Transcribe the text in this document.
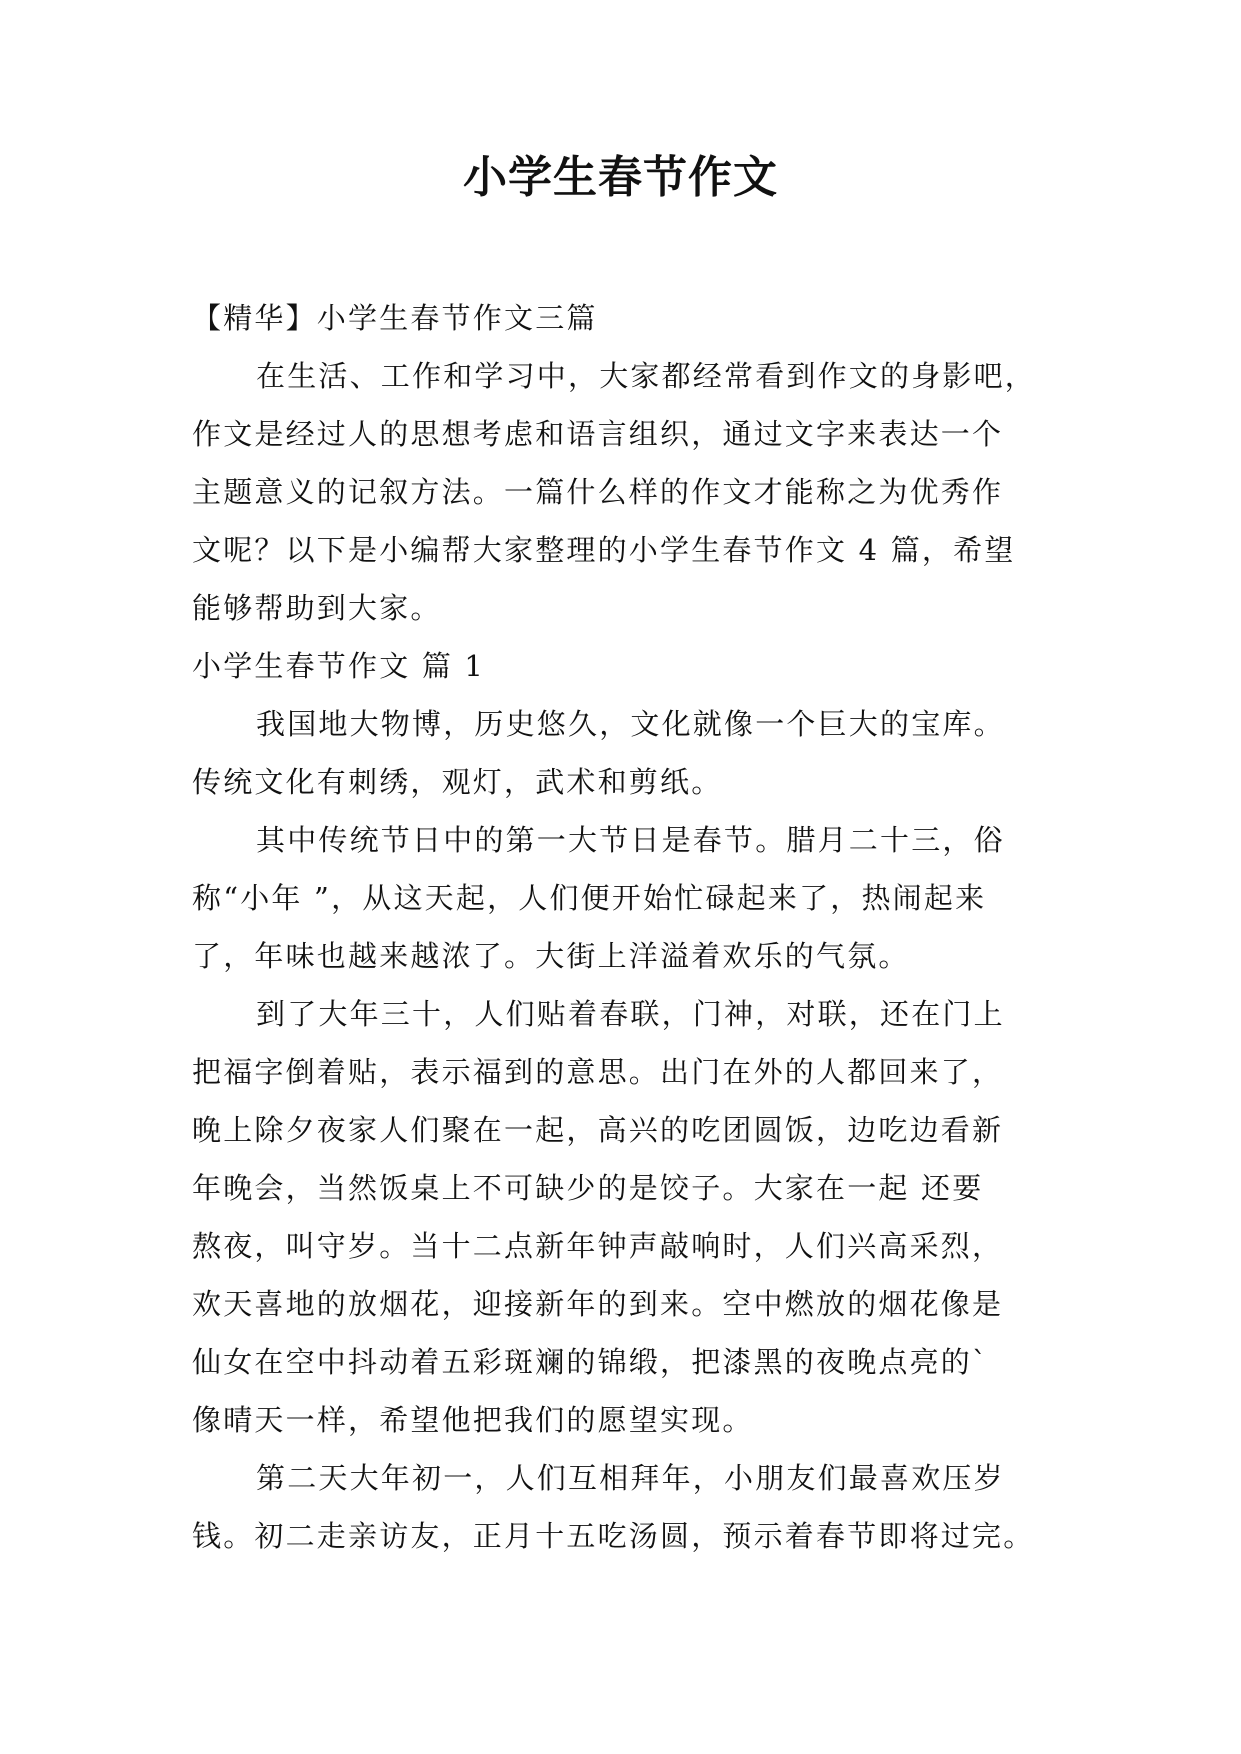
小学生春节作文
【精华】小学生春节作文三篇
在生活、工作和学习中，大家都经常看到作文的身影吧，
作文是经过人的思想考虑和语言组织，通过文字来表达一个
主题意义的记叙方法。一篇什么样的作文才能称之为优秀作
文呢？以下是小编帮大家整理的小学生春节作文 4 篇，希望
能够帮助到大家。
小学生春节作文 篇 1
我国地大物博，历史悠久，文化就像一个巨大的宝库。
传统文化有刺绣，观灯，武术和剪纸。
其中传统节日中的第一大节日是春节。腊月二十三，俗
称“小年 ”，从这天起，人们便开始忙碌起来了，热闹起来
了，年味也越来越浓了。大街上洋溢着欢乐的气氛。
到了大年三十，人们贴着春联，门神，对联，还在门上
把福字倒着贴，表示福到的意思。出门在外的人都回来了，
晚上除夕夜家人们聚在一起，高兴的吃团圆饭，边吃边看新
年晚会，当然饭桌上不可缺少的是饺子。大家在一起 还要
熬夜，叫守岁。当十二点新年钟声敲响时，人们兴高采烈，
欢天喜地的放烟花，迎接新年的到来。空中燃放的烟花像是
仙女在空中抖动着五彩斑斓的锦缎，把漆黑的夜晚点亮的`
像晴天一样，希望他把我们的愿望实现。
第二天大年初一，人们互相拜年，小朋友们最喜欢压岁
钱。初二走亲访友，正月十五吃汤圆，预示着春节即将过完。
